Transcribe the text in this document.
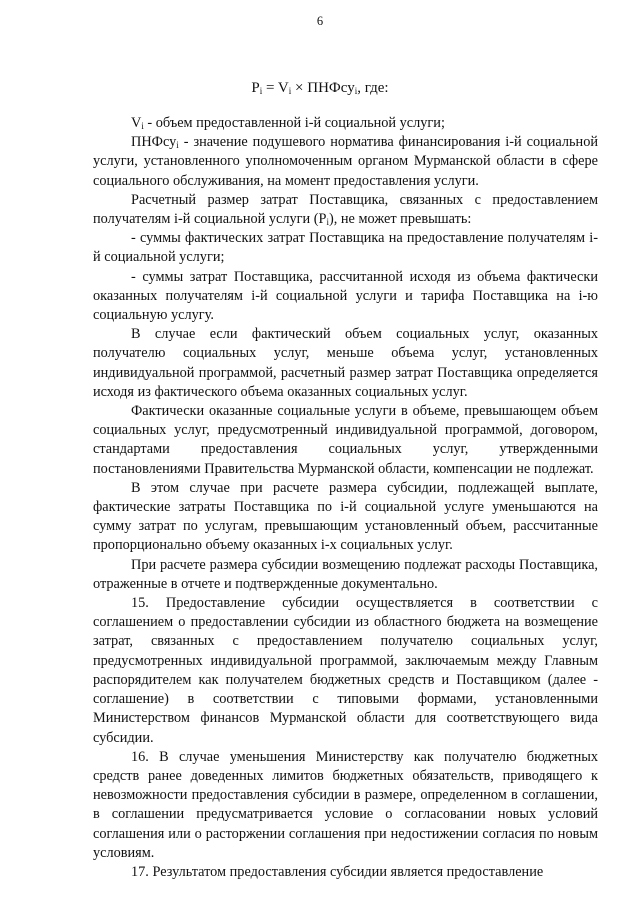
6
$P_i = V_i$ × ПНФсу$_i$, где:

$V_i$ - объем предоставленной i-й социальной услуги;

ПНФсу$_i$ - значение подушевого норматива финансирования i-й социальной услуги, установленного уполномоченным органом Мурманской области в сфере социального обслуживания, на момент предоставления услуги.

Расчетный размер затрат Поставщика, связанных с предоставлением получателям i-й социальной услуги $(P_i)$, не может превышать:

- суммы фактических затрат Поставщика на предоставление получателям i-й социальной услуги;

- суммы затрат Поставщика, рассчитанной исходя из объема фактически оказанных получателям i-й социальной услуги и тарифа Поставщика на i-ю социальную услугу.

В случае если фактический объем социальных услуг, оказанных получателю социальных услуг, меньше объема услуг, установленных индивидуальной программой, расчетный размер затрат Поставщика определяется исходя из фактического объема оказанных социальных услуг.

Фактически оказанные социальные услуги в объеме, превышающем объем социальных услуг, предусмотренный индивидуальной программой, договором, стандартами предоставления социальных услуг, утвержденными постановлениями Правительства Мурманской области, компенсации не подлежат.

В этом случае при расчете размера субсидии, подлежащей выплате, фактические затраты Поставщика по i-й социальной услуге уменьшаются на сумму затрат по услугам, превышающим установленный объем, рассчитанные пропорционально объему оказанных i-х социальных услуг.

При расчете размера субсидии возмещению подлежат расходы Поставщика, отраженные в отчете и подтвержденные документально.

15. Предоставление субсидии осуществляется в соответствии с соглашением о предоставлении субсидии из областного бюджета на возмещение затрат, связанных с предоставлением получателю социальных услуг, предусмотренных индивидуальной программой, заключаемым между Главным распорядителем как получателем бюджетных средств и Поставщиком (далее - соглашение) в соответствии с типовыми формами, установленными Министерством финансов Мурманской области для соответствующего вида субсидии.

16. В случае уменьшения Министерству как получателю бюджетных средств ранее доведенных лимитов бюджетных обязательств, приводящего к невозможности предоставления субсидии в размере, определенном в соглашении, в соглашении предусматривается условие о согласовании новых условий соглашения или о расторжении соглашения при недостижении согласия по новым условиям.

17. Результатом предоставления субсидии является предоставление
